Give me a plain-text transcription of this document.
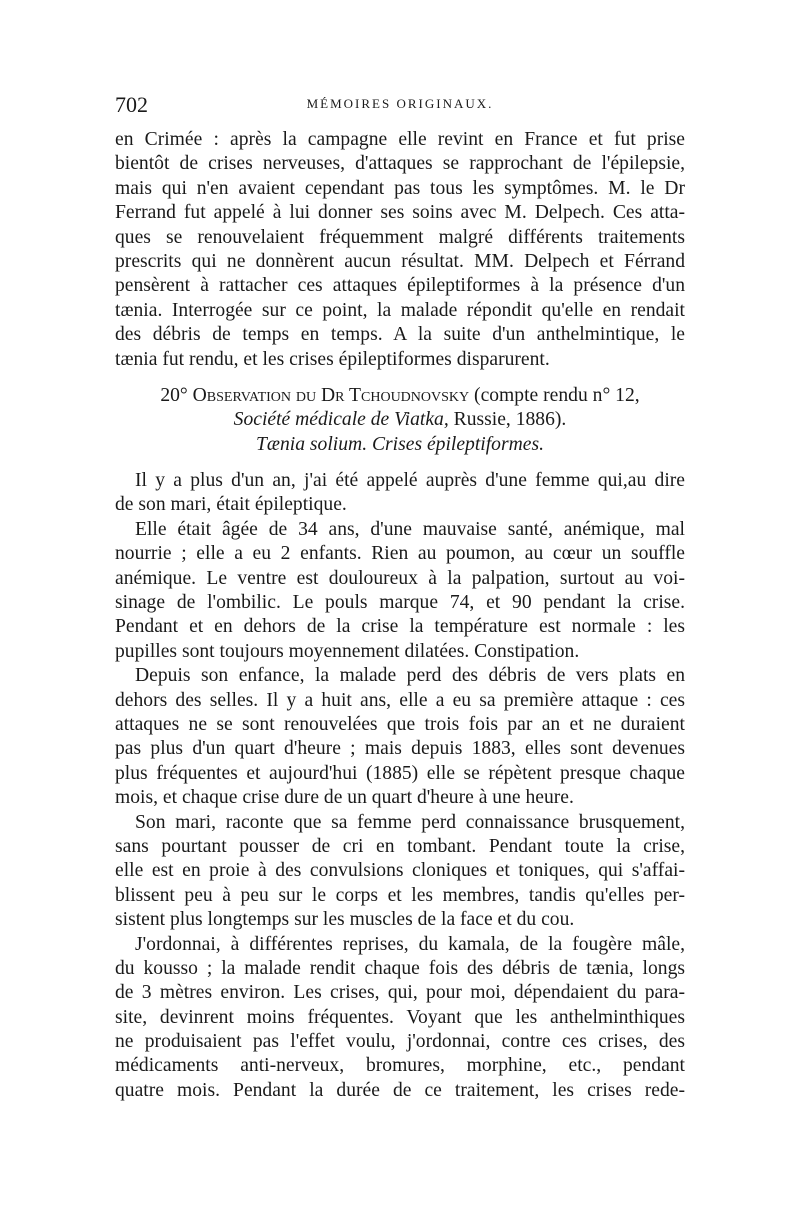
702	MÉMOIRES ORIGINAUX.
en Crimée : après la campagne elle revint en France et fut prise
bientôt de crises nerveuses, d'attaques se rapprochant de l'épilepsie,
mais qui n'en avaient cependant pas tous les symptômes. M. le Dr
Ferrand fut appelé à lui donner ses soins avec M. Delpech. Ces atta-
ques se renouvelaient fréquemment malgré différents traitements
prescrits qui ne donnèrent aucun résultat. MM. Delpech et Férrand
pensèrent à rattacher ces attaques épileptiformes à la présence d'un
tænia. Interrogée sur ce point, la malade répondit qu'elle en rendait
des débris de temps en temps. A la suite d'un anthelmintique, le
tænia fut rendu, et les crises épileptiformes disparurent.
20° Observation du Dr Tchoudnovsky (compte rendu n° 12,
Société médicale de Viatka, Russie, 1886).
Tænia solium. Crises épileptiformes.
Il y a plus d'un an, j'ai été appelé auprès d'une femme qui,au dire
de son mari, était épileptique.
Elle était âgée de 34 ans, d'une mauvaise santé, anémique, mal
nourrie ; elle a eu 2 enfants. Rien au poumon, au cœur un souffle
anémique. Le ventre est douloureux à la palpation, surtout au voi-
sinage de l'ombilic. Le pouls marque 74, et 90 pendant la crise.
Pendant et en dehors de la crise la température est normale : les
pupilles sont toujours moyennement dilatées. Constipation.
Depuis son enfance, la malade perd des débris de vers plats en
dehors des selles. Il y a huit ans, elle a eu sa première attaque : ces
attaques ne se sont renouvelées que trois fois par an et ne duraient
pas plus d'un quart d'heure ; mais depuis 1883, elles sont devenues
plus fréquentes et aujourd'hui (1885) elle se répètent presque chaque
mois, et chaque crise dure de un quart d'heure à une heure.
Son mari, raconte que sa femme perd connaissance brusquement,
sans pourtant pousser de cri en tombant. Pendant toute la crise,
elle est en proie à des convulsions cloniques et toniques, qui s'affai-
blissent peu à peu sur le corps et les membres, tandis qu'elles per-
sistent plus longtemps sur les muscles de la face et du cou.
J'ordonnai, à différentes reprises, du kamala, de la fougère mâle,
du kousso ; la malade rendit chaque fois des débris de tænia, longs
de 3 mètres environ. Les crises, qui, pour moi, dépendaient du para-
site, devinrent moins fréquentes. Voyant que les anthelminthiques
ne produisaient pas l'effet voulu, j'ordonnai, contre ces crises, des
médicaments anti-nerveux, bromures, morphine, etc., pendant
quatre mois. Pendant la durée de ce traitement, les crises rede-
